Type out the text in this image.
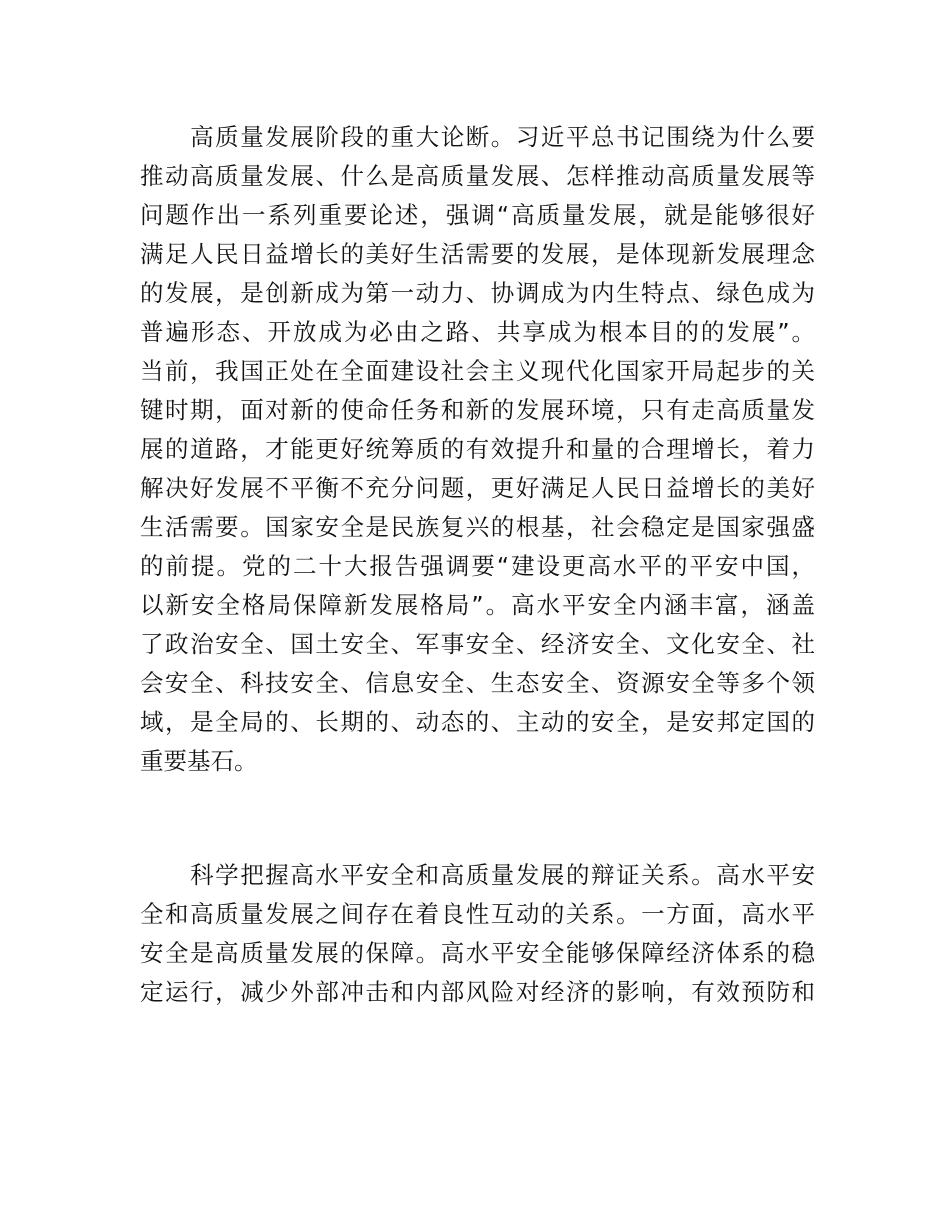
　　高质量发展阶段的重大论断。习近平总书记围绕为什么要
推动高质量发展、什么是高质量发展、怎样推动高质量发展等
问题作出一系列重要论述，强调“高质量发展，就是能够很好
满足人民日益增长的美好生活需要的发展，是体现新发展理念
的发展，是创新成为第一动力、协调成为内生特点、绿色成为
普遍形态、开放成为必由之路、共享成为根本目的的发展”。
当前，我国正处在全面建设社会主义现代化国家开局起步的关
键时期，面对新的使命任务和新的发展环境，只有走高质量发
展的道路，才能更好统筹质的有效提升和量的合理增长，着力
解决好发展不平衡不充分问题，更好满足人民日益增长的美好
生活需要。国家安全是民族复兴的根基，社会稳定是国家强盛
的前提。党的二十大报告强调要“建设更高水平的平安中国，
以新安全格局保障新发展格局”。高水平安全内涵丰富，涵盖
了政治安全、国土安全、军事安全、经济安全、文化安全、社
会安全、科技安全、信息安全、生态安全、资源安全等多个领
域，是全局的、长期的、动态的、主动的安全，是安邦定国的
重要基石。
　　科学把握高水平安全和高质量发展的辩证关系。高水平安
全和高质量发展之间存在着良性互动的关系。一方面，高水平
安全是高质量发展的保障。高水平安全能够保障经济体系的稳
定运行，减少外部冲击和内部风险对经济的影响，有效预防和
